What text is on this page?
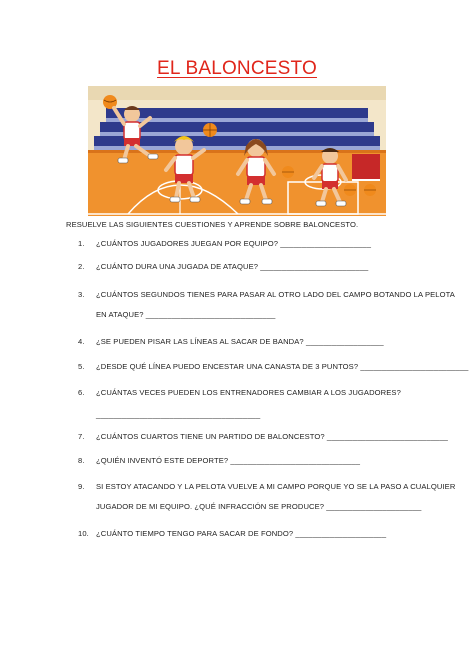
EL BALONCESTO
RESUELVE LAS SIGUIENTES CUESTIONES Y APRENDE SOBRE BALONCESTO.
1.	¿CUÁNTOS JUGADORES JUEGAN POR EQUIPO? _____________________
2.	¿CUÁNTO DURA UNA JUGADA DE ATAQUE? _________________________
3.	¿CUÁNTOS SEGUNDOS TIENES PARA PASAR AL OTRO LADO DEL CAMPO BOTANDO LA PELOTA
EN ATAQUE? ______________________________
4.	¿SE PUEDEN PISAR LAS LÍNEAS AL SACAR DE BANDA? __________________
5.	¿DESDE QUÉ LÍNEA PUEDO ENCESTAR UNA CANASTA DE 3 PUNTOS? _________________________
6.	¿CUÁNTAS VECES PUEDEN LOS ENTRENADORES CAMBIAR A LOS JUGADORES?
______________________________________
7.	¿CUÁNTOS CUARTOS TIENE UN PARTIDO DE BALONCESTO? ____________________________
8.	¿QUIÉN INVENTÓ ESTE DEPORTE? ______________________________
9.	SI ESTOY ATACANDO Y LA PELOTA VUELVE A MI CAMPO PORQUE YO SE LA PASO A CUALQUIER
JUGADOR DE MI EQUIPO. ¿QUÉ INFRACCIÓN SE PRODUCE? ______________________
10. ¿CUÁNTO TIEMPO TENGO PARA SACAR DE FONDO? _____________________
